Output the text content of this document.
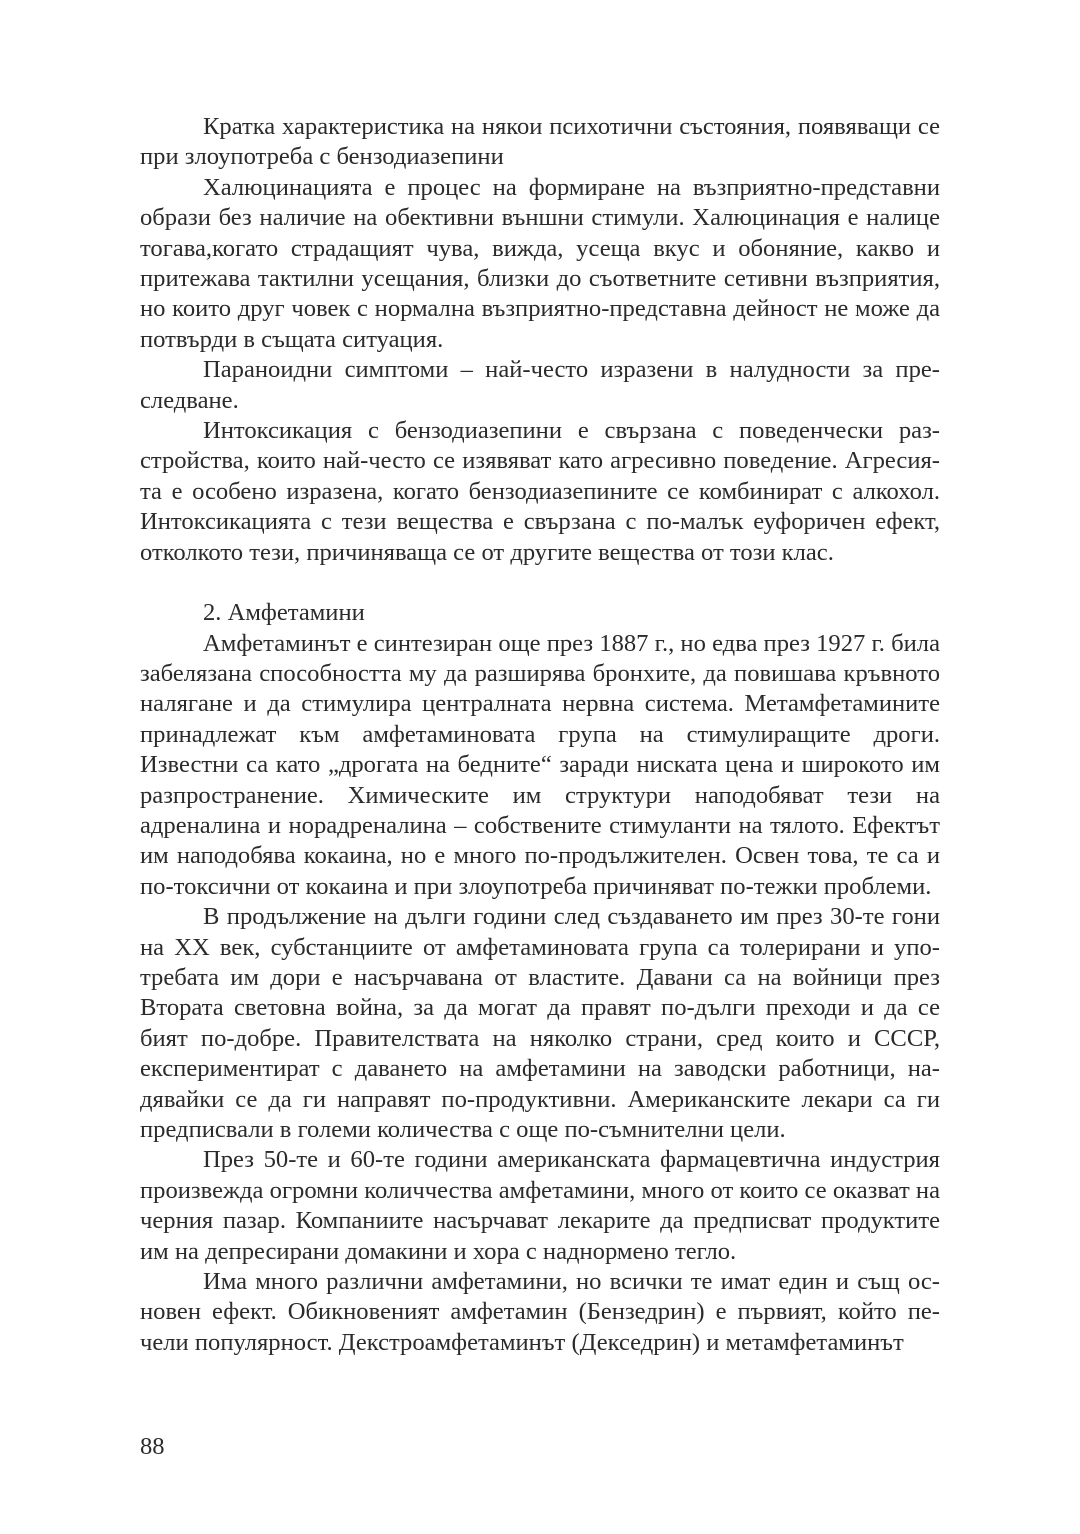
Кратка характеристика на някои психотични състояния, появяващи се при злоупотреба с бензодиазепини

Халюцинацията е процес на формиране на възприятно-представни образи без наличие на обективни външни стимули. Халюцинация е налице тогава,когато страдащият чува, вижда, усеща вкус и обоняние, какво и притежава тактилни усещания, близки до съответните сетивни възприятия, но които друг човек с нормална възприятно-представна дейност не може да потвърди в същата ситуация.

Параноидни симптоми – най-често изразени в налудности за преследване.

Интоксикация с бензодиазепини е свързана с поведенчески разстройства, които най-често се изявяват като агресивно поведение. Агресията е особено изразена, когато бензодиазепините се комбинират с алкохол. Интоксикацията с тези вещества е свързана с по-малък еуфоричен ефект, отколкото тези, причиняваща се от другите вещества от този клас.

2. Амфетамини

Амфетаминът е синтезиран още през 1887 г., но едва през 1927 г. била забелязана способността му да разширява бронхите, да повишава кръвното налягане и да стимулира централната нервна система. Метамфетамините принадлежат към амфетаминовата група на стимулиращите дроги. Известни са като „дрогата на бедните“ заради ниската цена и широкото им разпространение. Химическите им структури наподобяват тези на адреналина и норадреналина – собствените стимуланти на тялото. Ефектът им наподобява кокаина, но е много по-продължителен. Освен това, те са и по-токсични от кокаина и при злоупотреба причиняват по-тежки проблеми.

В продължение на дълги години след създаването им през 30-те гони на XX век, субстанциите от амфетаминовата група са толерирани и употребата им дори е насърчавана от властите. Давани са на войници през Втората световна война, за да могат да правят по-дълги преходи и да се бият по-добре. Правителствата на няколко страни, сред които и СССР, експериментират с даването на амфетамини на заводски работници, надявайки се да ги направят по-продуктивни. Американските лекари са ги предписвали в големи количества с още по-съмнителни цели.

През 50-те и 60-те години американската фармацевтична индустрия произвежда огромни количчества амфетамини, много от които се оказват на черния пазар. Компаниите насърчават лекарите да предписват продуктите им на депресирани домакини и хора с наднормено тегло.

Има много различни амфетамини, но всички те имат един и същ основен ефект. Обикновеният амфетамин (Бензедрин) е първият, който печели популярност. Декстроамфетаминът (Декседрин) и метамфетаминът

88
